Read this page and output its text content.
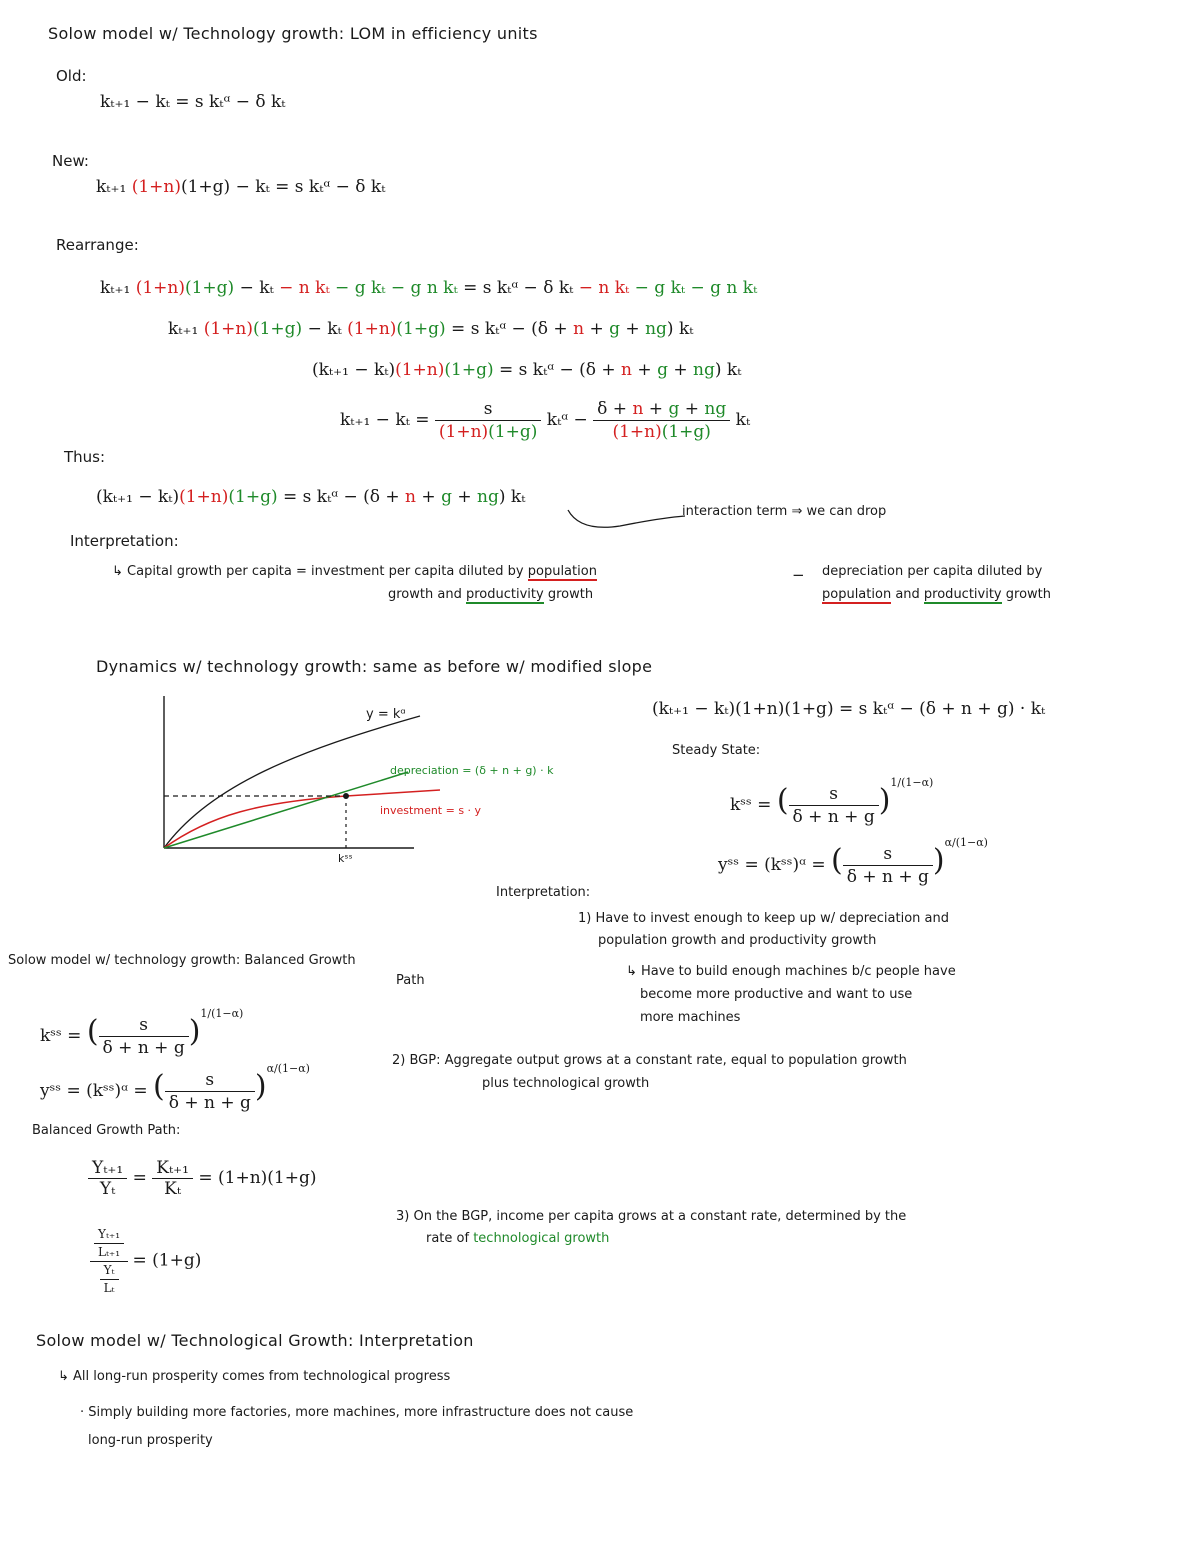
Solow model w/ Technology growth: LOM in efficiency units
Old:
kₜ₊₁ − kₜ = s kₜᵅ − δ kₜ
New:
kₜ₊₁ (1+n)(1+g) − kₜ = s kₜᵅ − δ kₜ
Rearrange:
kₜ₊₁ (1+n)(1+g) − kₜ − n kₜ − g kₜ − g n kₜ = s kₜᵅ − δ kₜ − n kₜ − g kₜ − g n kₜ
kₜ₊₁ (1+n)(1+g) − kₜ (1+n)(1+g) = s kₜᵅ − (δ + n + g + ng) kₜ
(kₜ₊₁ − kₜ)(1+n)(1+g) = s kₜᵅ − (δ + n + g + ng) kₜ
$k_{t+1} - k_t = \frac{s}{(1+n)(1+g)}$ kₜᵅ − $\frac{\delta + n + g + ng}{(1+n)(1+g)}$ kₜ
Thus:
(kₜ₊₁ − kₜ)(1+n)(1+g) = s kₜᵅ − (δ + n + g + ng) kₜ
interaction term ⇒ we can drop
Interpretation:
↳ Capital growth per capita = investment per capita diluted by population
growth and productivity growth
− depreciation per capita diluted by
population and productivity growth
Dynamics w/ technology growth: same as before w/ modified slope
y = kᵅ
depreciation = (δ + n + g) · k
investment = s · y
kˢˢ
(kₜ₊₁ − kₜ)(1+n)(1+g) = s kₜᵅ − (δ + n + g) · kₜ
Steady State:
kˢˢ = ( $\frac{s}{\delta + n + g} )^{1/(1-\alpha)}$
yˢˢ = (kˢˢ)ᵅ = ( $\frac{s}{\delta + n + g} )^{\alpha/(1-\alpha)}$
Interpretation:
1) Have to invest enough to keep up w/ depreciation and
population growth and productivity growth
↳ Have to build enough machines b/c people have
become more productive and want to use
more machines
2) BGP: Aggregate output grows at a constant rate, equal to population growth
plus technological growth
3) On the BGP, income per capita grows at a constant rate, determined by the
rate of technological growth
Solow model w/ technology growth: Balanced Growth
Path
kˢˢ = ( $\frac{s}{\delta + n + g} )^{1/(1-\alpha)}$
yˢˢ = (kˢˢ)ᵅ = ( $\frac{s}{\delta + n + g} )^{\alpha/(1-\alpha)}$
Balanced Growth Path:
$\frac{\text{Yₜ₊₁}}{\text{Yₜ}} = \frac{\text{Kₜ₊₁}}{\text{Kₜ}} = (1+n)(1+g)$
$\frac{\frac{\text{Yₜ₊₁}}{\text{Lₜ₊₁}}}{\frac{\text{Yₜ}}{\text{Lₜ}}} = (1+g)$
Solow model w/ Technological Growth: Interpretation
↳ All long-run prosperity comes from technological progress
· Simply building more factories, more machines, more infrastructure does not cause
long-run prosperity
